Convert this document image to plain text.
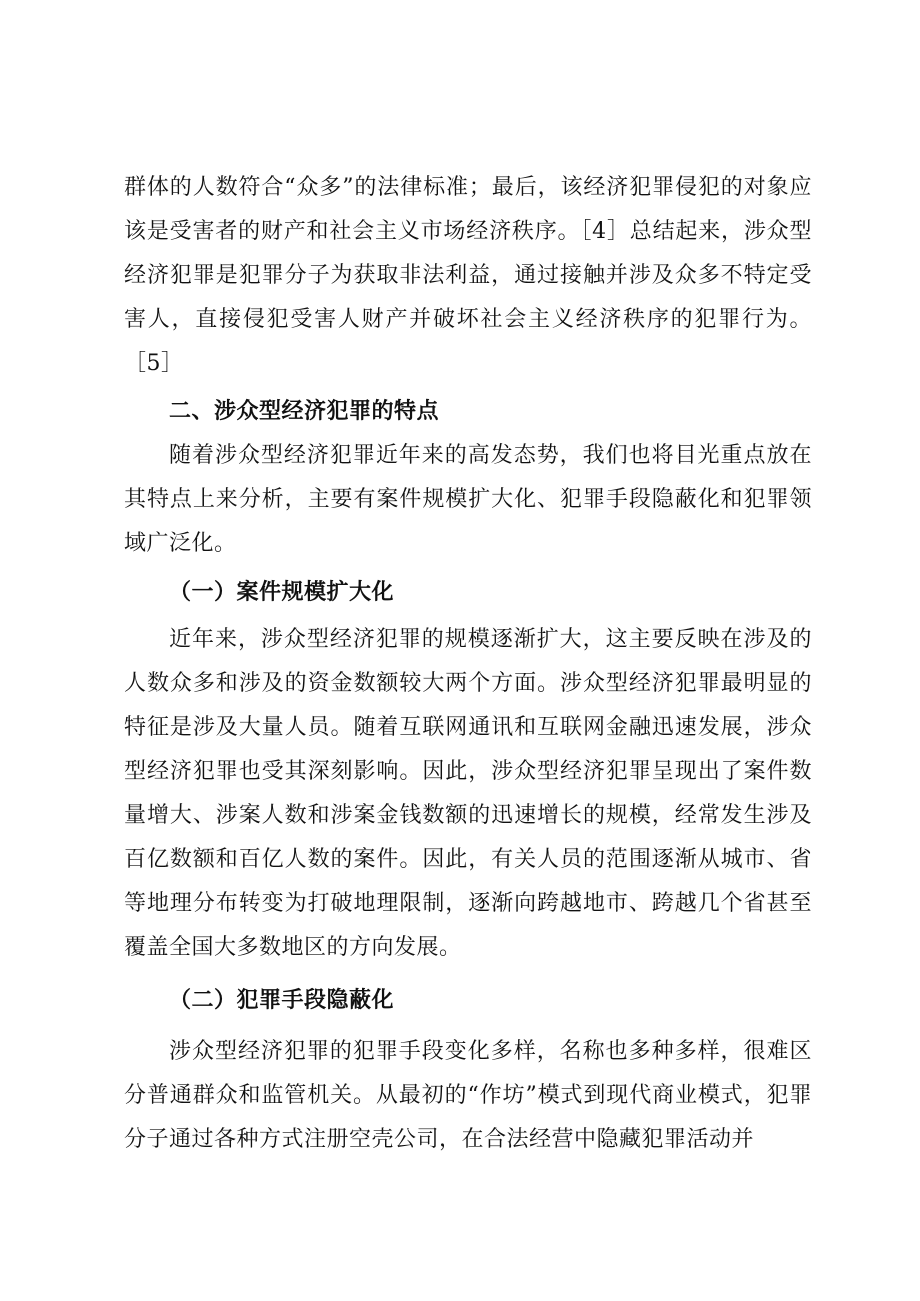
群体的人数符合“众多”的法律标准；最后，该经济犯罪侵犯的对象应该是受害者的财产和社会主义市场经济秩序。［4］总结起来，涉众型经济犯罪是犯罪分子为获取非法利益，通过接触并涉及众多不特定受害人，直接侵犯受害人财产并破坏社会主义经济秩序的犯罪行为。［5］

二、涉众型经济犯罪的特点

随着涉众型经济犯罪近年来的高发态势，我们也将目光重点放在其特点上来分析，主要有案件规模扩大化、犯罪手段隐蔽化和犯罪领域广泛化。

（一）案件规模扩大化

近年来，涉众型经济犯罪的规模逐渐扩大，这主要反映在涉及的人数众多和涉及的资金数额较大两个方面。涉众型经济犯罪最明显的特征是涉及大量人员。随着互联网通讯和互联网金融迅速发展，涉众型经济犯罪也受其深刻影响。因此，涉众型经济犯罪呈现出了案件数量增大、涉案人数和涉案金钱数额的迅速增长的规模，经常发生涉及百亿数额和百亿人数的案件。因此，有关人员的范围逐渐从城市、省等地理分布转变为打破地理限制，逐渐向跨越地市、跨越几个省甚至覆盖全国大多数地区的方向发展。

（二）犯罪手段隐蔽化

涉众型经济犯罪的犯罪手段变化多样，名称也多种多样，很难区分普通群众和监管机关。从最初的“作坊”模式到现代商业模式，犯罪分子通过各种方式注册空壳公司，在合法经营中隐藏犯罪活动并
